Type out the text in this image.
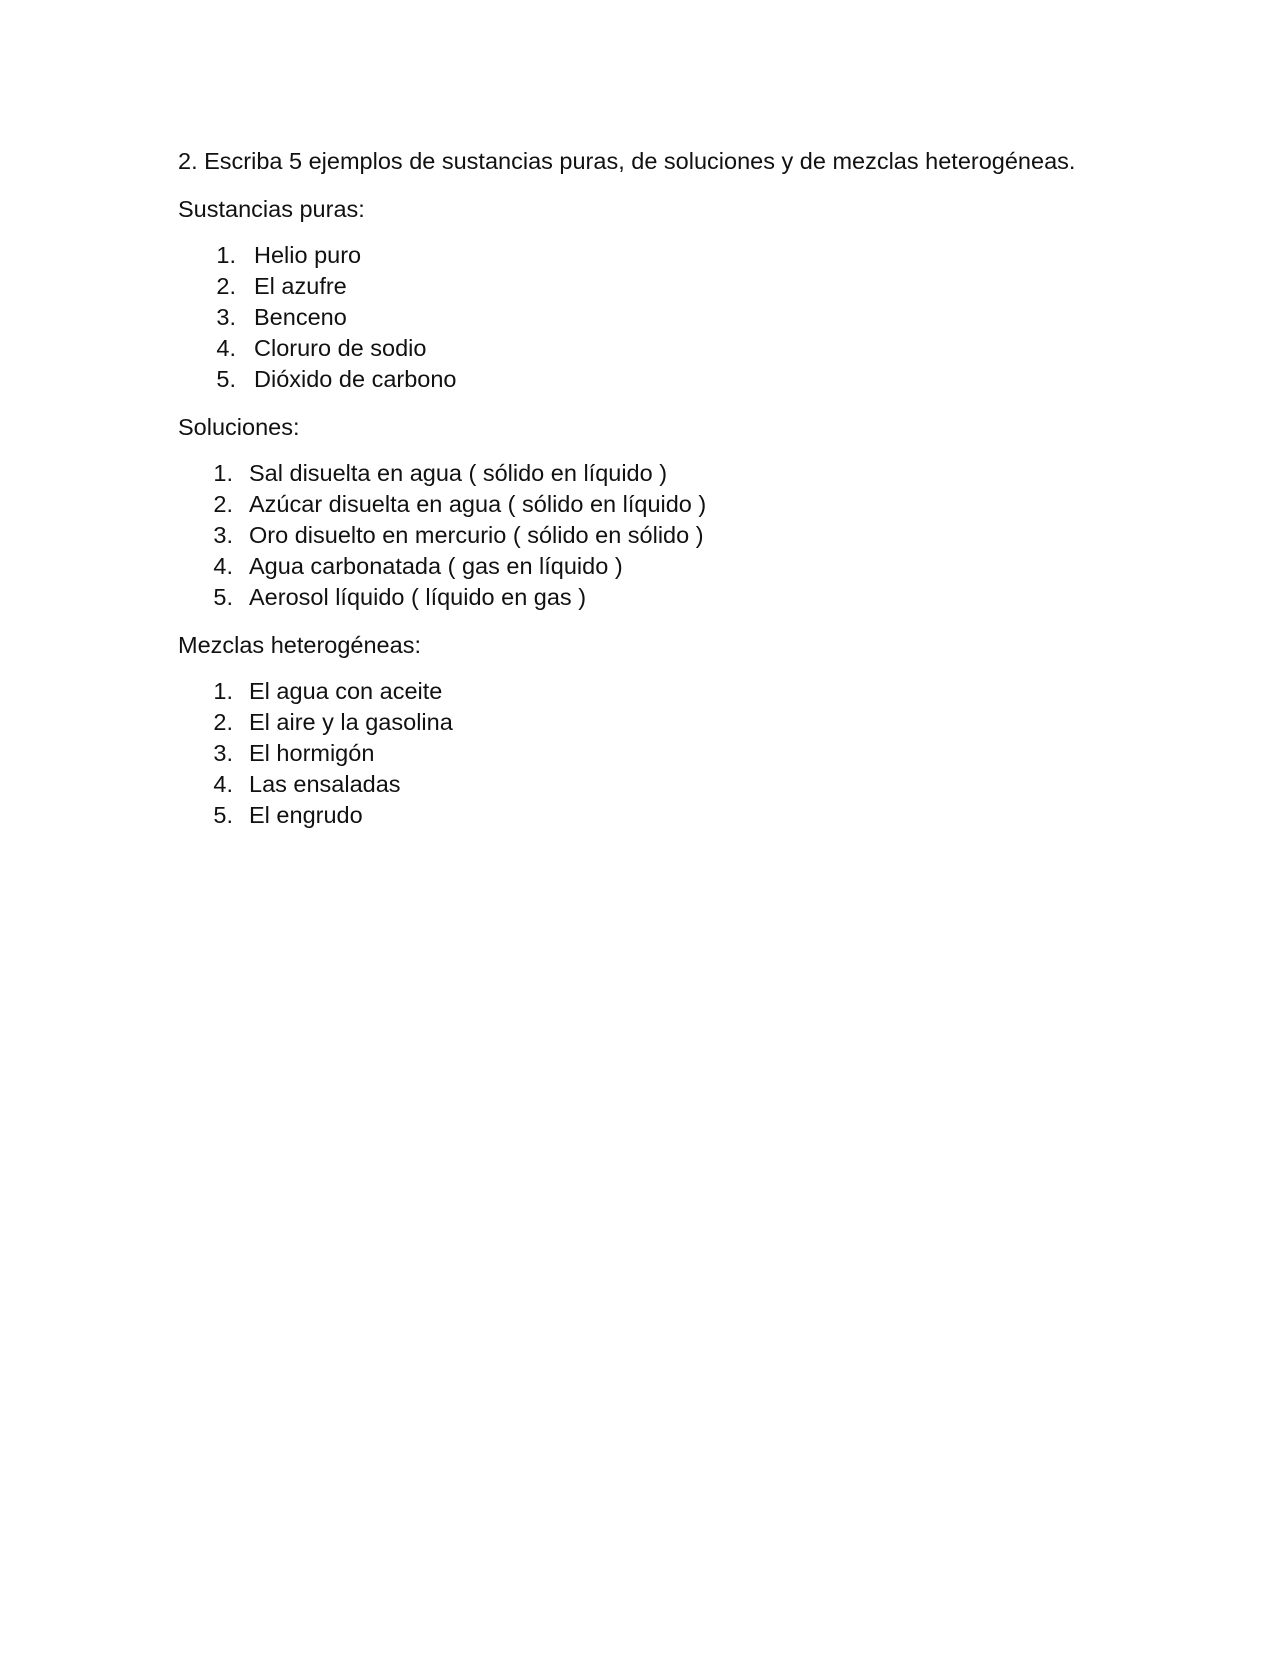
2. Escriba 5 ejemplos de sustancias puras, de soluciones y de mezclas heterogéneas.

Sustancias puras:

1. Helio puro
2. El azufre
3. Benceno
4. Cloruro de sodio
5. Dióxido de carbono

Soluciones:

1. Sal disuelta en agua ( sólido en líquido )
2. Azúcar disuelta en agua ( sólido en líquido )
3. Oro disuelto en mercurio ( sólido en sólido )
4. Agua carbonatada ( gas en líquido )
5. Aerosol líquido ( líquido en gas )

Mezclas heterogéneas:

1. El agua con aceite
2. El aire y la gasolina
3. El hormigón
4. Las ensaladas
5. El engrudo
